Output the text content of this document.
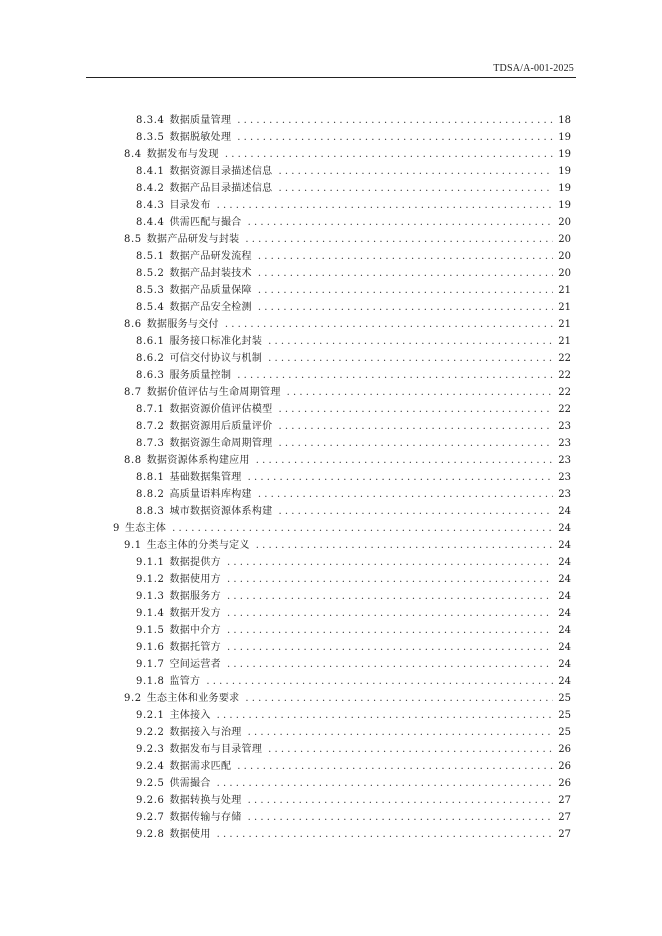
TDSA/A-001-2025
8.3.4 数据质量管理 .....	18
8.3.5 数据脱敏处理 .....	19
8.4 数据发布与发现 .....	19
8.4.1 数据资源目录描述信息 .....	19
8.4.2 数据产品目录描述信息 .....	19
8.4.3 目录发布 .....	19
8.4.4 供需匹配与撮合 .....	20
8.5 数据产品研发与封装 .....	20
8.5.1 数据产品研发流程 .....	20
8.5.2 数据产品封装技术 .....	20
8.5.3 数据产品质量保障 .....	21
8.5.4 数据产品安全检测 .....	21
8.6 数据服务与交付 .....	21
8.6.1 服务接口标准化封装 .....	21
8.6.2 可信交付协议与机制 .....	22
8.6.3 服务质量控制 .....	22
8.7 数据价值评估与生命周期管理 .....	22
8.7.1 数据资源价值评估模型 .....	22
8.7.2 数据资源用后质量评价 .....	23
8.7.3 数据资源生命周期管理 .....	23
8.8 数据资源体系构建应用 .....	23
8.8.1 基础数据集管理 .....	23
8.8.2 高质量语料库构建 .....	23
8.8.3 城市数据资源体系构建 .....	24
9 生态主体 .....	24
9.1 生态主体的分类与定义 .....	24
9.1.1 数据提供方 .....	24
9.1.2 数据使用方 .....	24
9.1.3 数据服务方 .....	24
9.1.4 数据开发方 .....	24
9.1.5 数据中介方 .....	24
9.1.6 数据托管方 .....	24
9.1.7 空间运营者 .....	24
9.1.8 监管方 .....	24
9.2 生态主体和业务要求 .....	25
9.2.1 主体接入 .....	25
9.2.2 数据接入与治理 .....	25
9.2.3 数据发布与目录管理 .....	26
9.2.4 数据需求匹配 .....	26
9.2.5 供需撮合 .....	26
9.2.6 数据转换与处理 .....	27
9.2.7 数据传输与存储 .....	27
9.2.8 数据使用 .....	27
